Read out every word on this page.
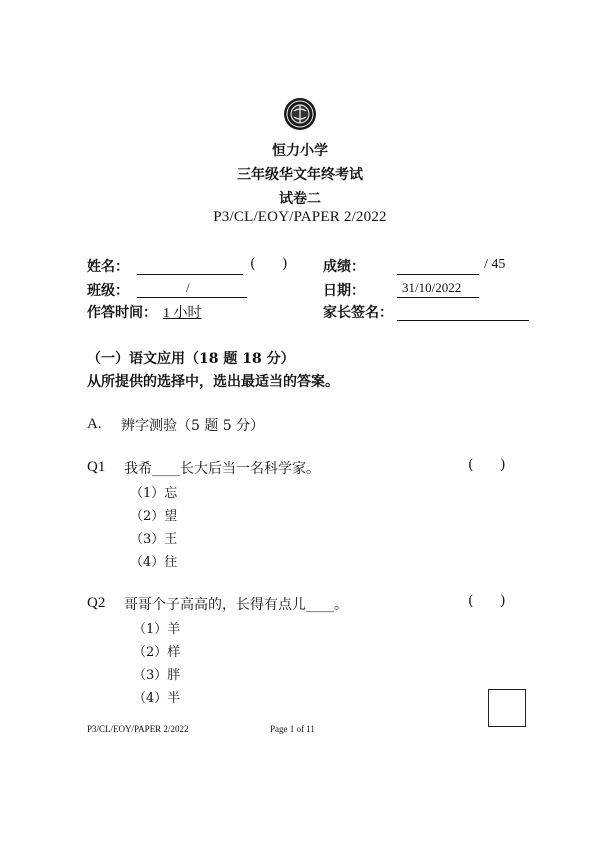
恒力小学
三年级华文年终考试
试卷二
P3/CL/EOY/PAPER 2/2022
姓名：	(      )	成绩：	/ 45
班级：	/	日期：	31/10/2022
作答时间： 1 小时	家长签名：
（一）语文应用（18 题 18 分）
从所提供的选择中，选出最适当的答案。
A. 辨字测验（5 题 5 分）
Q1 我希____长大后当一名科学家。	(      )
（1）忘
（2）望
（3）王
（4）往
Q2 哥哥个子高高的，长得有点儿____。	(      )
（1）羊
（2）样
（3）胖
（4）半
P3/CL/EOY/PAPER 2/2022	Page 1 of 11
